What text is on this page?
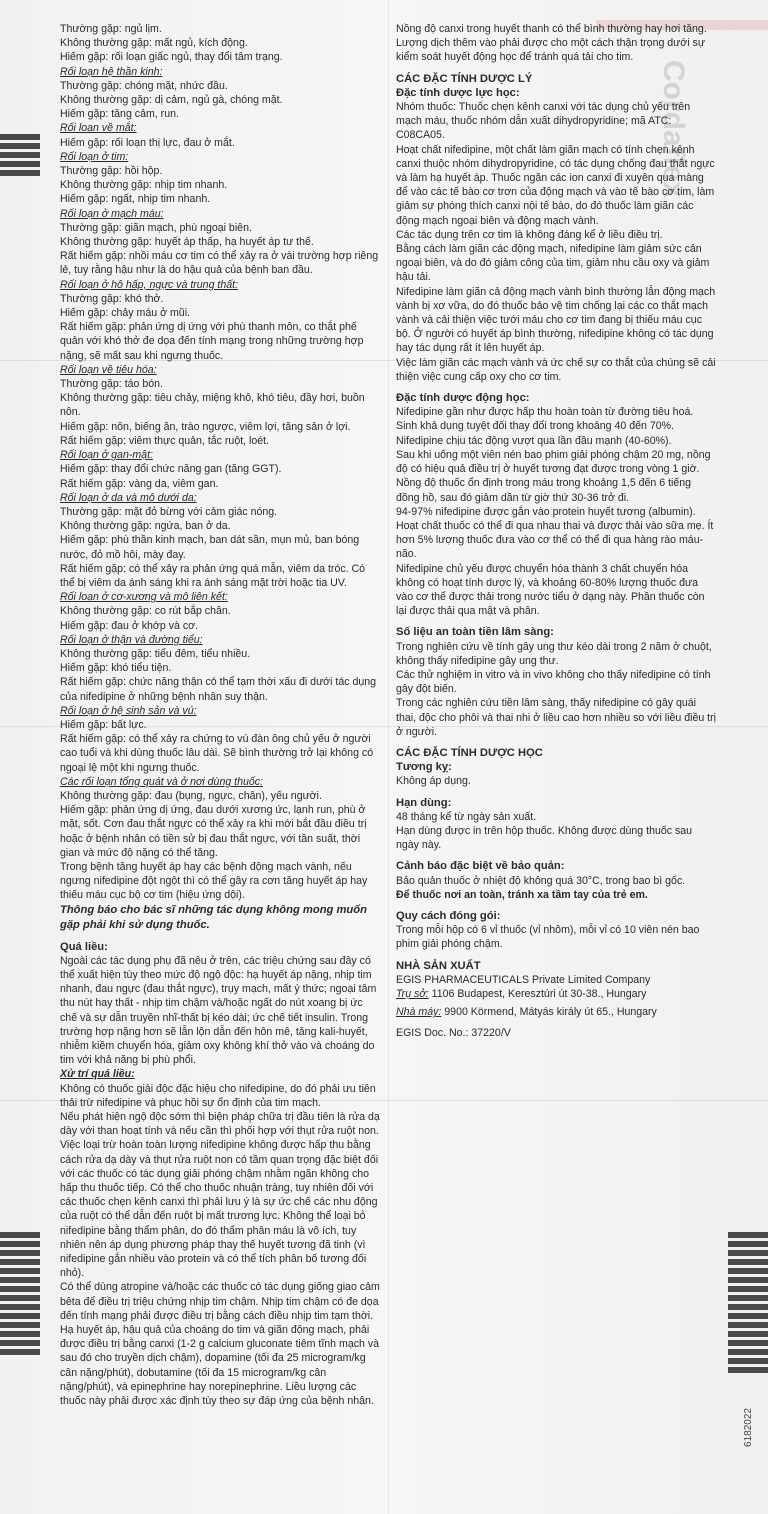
Cordaflex

Thường gặp: ngủ lịm.

Không thường gặp: mất ngủ, kích động.

Hiếm gặp: rối loạn giấc ngủ, thay đổi tâm trạng.

Rối loạn hệ thần kinh:

Thường gặp: chóng mặt, nhức đầu.

Không thường gặp: dị cảm, ngủ gà, chóng mặt.

Hiếm gặp: tăng cảm, run.

Rối loạn về mắt:

Hiếm gặp: rối loạn thị lực, đau ở mắt.

Rối loạn ở tim:

Thường gặp: hồi hộp.

Không thường gặp: nhịp tim nhanh.

Hiếm gặp: ngất, nhịp tim nhanh.

Rối loạn ở mạch máu:

Thường gặp: giãn mạch, phù ngoại biên.

Không thường gặp: huyết áp thấp, hạ huyết áp tư thế.

Rất hiếm gặp: nhồi máu cơ tim có thể xảy ra ở vài trường hợp riêng lẻ, tuy rằng hậu như là do hậu quả của bệnh ban đầu.

Rối loạn ở hô hấp, ngực và trung thất:

Thường gặp: khó thở.

Hiếm gặp: chảy máu ở mũi.

Rất hiếm gặp: phản ứng dị ứng với phù thanh môn, co thắt phế quản với khó thở đe dọa đến tính mạng trong những trường hợp nặng, sẽ mất sau khi ngưng thuốc.

Rối loạn về tiêu hóa:

Thường gặp: táo bón.

Không thường gặp: tiêu chảy, miệng khô, khó tiêu, đầy hơi, buồn nôn.

Hiếm gặp: nôn, biếng ăn, trào ngược, viêm lợi, tăng sản ở lợi.

Rất hiếm gặp: viêm thực quản, tắc ruột, loét.

Rối loạn ở gan-mật:

Hiếm gặp: thay đổi chức năng gan (tăng GGT).

Rất hiếm gặp: vàng da, viêm gan.

Rối loạn ở da và mô dưới da:

Thường gặp: mặt đỏ bừng với cảm giác nóng.

Không thường gặp: ngứa, ban ở da.

Hiếm gặp: phù thần kinh mạch, ban dát sần, mụn mủ, ban bóng nước, đỏ mồ hôi, mày đay.

Rất hiếm gặp: có thể xảy ra phản ứng quá mẫn, viêm da tróc. Có thể bị viêm da ánh sáng khi ra ánh sáng mặt trời hoặc tia UV.

Rối loạn ở cơ-xương và mô liên kết:

Không thường gặp: co rút bắp chân.

Hiếm gặp: đau ở khớp và cơ.

Rối loạn ở thận và đường tiểu:

Không thường gặp: tiểu đêm, tiểu nhiều.

Hiếm gặp: khó tiểu tiện.

Rất hiếm gặp: chức năng thận có thể tạm thời xấu đi dưới tác dụng của nifedipine ở những bệnh nhân suy thận.

Rối loạn ở hệ sinh sản và vú:

Hiếm gặp: bất lực.

Rất hiếm gặp: có thể xảy ra chứng to vú đàn ông chủ yếu ở người cao tuổi và khi dùng thuốc lâu dài. Sẽ bình thường trở lại không có ngoại lệ một khi ngưng thuốc.

Các rối loạn tổng quát và ở nơi dùng thuốc:

Không thường gặp: đau (bụng, ngực, chân), yếu người.

Hiếm gặp: phản ứng dị ứng, đau dưới xương ức, lạnh run, phù ở mặt, sốt. Cơn đau thắt ngực có thể xảy ra khi mới bắt đầu điều trị hoặc ở bệnh nhân có tiền sử bị đau thắt ngực, với tần suất, thời gian và mức độ nặng có thể tăng.

Trong bệnh tăng huyết áp hay các bệnh động mạch vành, nếu ngưng nifedipine đột ngột thì có thể gây ra cơn tăng huyết áp hay thiếu máu cục bộ cơ tim (hiệu ứng dội).

Thông báo cho bác sĩ những tác dụng không mong muốn gặp phải khi sử dụng thuốc.

Quá liều:

Ngoài các tác dụng phụ đã nêu ở trên, các triệu chứng sau đây có thể xuất hiện tùy theo mức độ ngộ độc: hạ huyết áp nặng, nhịp tim nhanh, đau ngực (đau thắt ngực), trụy mạch, mất ý thức; ngoại tâm thu nút hay thất - nhịp tim chậm và/hoặc ngất do nút xoang bị ức chế và sự dẫn truyền nhĩ-thất bị kéo dài; ức chế tiết insulin. Trong trường hợp nặng hơn sẽ lẫn lộn dẫn đến hôn mê, tăng kali-huyết, nhiễm kiềm chuyển hóa, giảm oxy không khí thở vào và choáng do tim với khả năng bị phù phổi.

Xử trí quá liều:

Không có thuốc giải độc đặc hiệu cho nifedipine, do đó phải ưu tiên thải trừ nifedipine và phục hồi sự ổn định của tim mạch.

Nếu phát hiện ngộ độc sớm thì biện pháp chữa trị đầu tiên là rửa dạ dày với than hoạt tính và nếu cần thì phối hợp với thụt rửa ruột non.

Việc loại trừ hoàn toàn lượng nifedipine không được hấp thu bằng cách rửa dạ dày và thụt rửa ruột non có tầm quan trọng đặc biệt đối với các thuốc có tác dụng giải phóng chậm nhằm ngăn không cho hấp thu thuốc tiếp. Có thể cho thuốc nhuận tràng, tuy nhiên đối với các thuốc chẹn kênh canxi thì phải lưu ý là sự ức chế các nhu động của ruột có thể dẫn đến ruột bị mất trương lực. Không thể loại bỏ nifedipine bằng thẩm phân, do đó thẩm phân máu là vô ích, tuy nhiên nên áp dụng phương pháp thay thế huyết tương đã tinh (vì nifedipine gắn nhiều vào protein và có thể tích phân bố tương đối nhỏ).

Có thể dùng atropine và/hoặc các thuốc có tác dụng giống giao cảm bêta để điều trị triệu chứng nhịp tim chậm. Nhịp tim chậm có đe dọa đến tính mạng phải được điều trị bằng cách điều nhịp tim tạm thời.

Hạ huyết áp, hậu quả của choáng do tim và giãn động mạch, phải được điều trị bằng canxi (1-2 g calcium gluconate tiêm tĩnh mạch và sau đó cho truyền dịch chậm), dopamine (tối đa 25 microgram/kg cân nặng/phút), dobutamine (tối đa 15 microgram/kg cân nặng/phút), và epinephrine hay norepinephrine. Liều lượng các thuốc này phải được xác định tùy theo sự đáp ứng của bệnh nhân.

Nồng độ canxi trong huyết thanh có thể bình thường hay hơi tăng.

Lượng dịch thêm vào phải được cho một cách thận trọng dưới sự kiểm soát huyết động học để tránh quá tải cho tim.

CÁC ĐẶC TÍNH DƯỢC LÝ

Đặc tính dược lực học:

Nhóm thuốc: Thuốc chẹn kênh canxi với tác dụng chủ yếu trên mạch máu, thuốc nhóm dẫn xuất dihydropyridine; mã ATC: C08CA05.

Hoạt chất nifedipine, một chất làm giãn mạch có tính chẹn kênh canxi thuộc nhóm dihydropyridine, có tác dụng chống đau thắt ngực và làm hạ huyết áp. Thuốc ngăn các ion canxi đi xuyên qua màng để vào các tế bào cơ trơn của động mạch và vào tế bào cơ tim, làm giảm sự phóng thích canxi nội tế bào, do đó thuốc làm giãn các động mạch ngoại biên và động mạch vành.

Các tác dụng trên cơ tim là không đáng kể ở liều điều trị.

Bằng cách làm giãn các động mạch, nifedipine làm giảm sức cản ngoại biên, và do đó giảm công của tim, giảm nhu cầu oxy và giảm hậu tải.

Nifedipine làm giãn cả động mạch vành bình thường lẫn động mạch vành bị xơ vữa, do đó thuốc bảo vệ tim chống lại các co thắt mạch vành và cải thiện việc tưới máu cho cơ tim đang bị thiếu máu cục bộ. Ở người có huyết áp bình thường, nifedipine không có tác dụng hay tác dụng rất ít lên huyết áp.

Việc làm giãn các mạch vành và ức chế sự co thắt của chúng sẽ cải thiện việc cung cấp oxy cho cơ tim.

Đặc tính dược động học:

Nifedipine gần như được hấp thu hoàn toàn từ đường tiêu hoá. Sinh khả dụng tuyệt đối thay đổi trong khoảng 40 đến 70%. Nifedipine chịu tác động vượt qua lần đầu mạnh (40-60%).

Sau khi uống một viên nén bao phim giải phóng chậm 20 mg, nồng độ có hiệu quả điều trị ở huyết tương đạt được trong vòng 1 giờ. Nồng độ thuốc ổn định trong máu trong khoảng 1,5 đến 6 tiếng đồng hồ, sau đó giảm dần từ giờ thứ 30-36 trở đi.

94-97% nifedipine được gắn vào protein huyết tương (albumin).

Hoạt chất thuốc có thể đi qua nhau thai và được thải vào sữa mẹ. Ít hơn 5% lượng thuốc đưa vào cơ thể có thể đi qua hàng rào máu-não.

Nifedipine chủ yếu được chuyển hóa thành 3 chất chuyển hóa không có hoạt tính dược lý, và khoảng 60-80% lượng thuốc đưa vào cơ thể được thải trong nước tiểu ở dạng này. Phần thuốc còn lại được thải qua mật và phân.

Số liệu an toàn tiền lâm sàng:

Trong nghiên cứu về tính gây ung thư kéo dài trong 2 năm ở chuột, không thấy nifedipine gây ung thư.

Các thử nghiệm in vitro và in vivo không cho thấy nifedipine có tính gây đột biến.

Trong các nghiên cứu tiền lâm sàng, thấy nifedipine có gây quái thai, độc cho phôi và thai nhi ở liều cao hơn nhiều so với liều điều trị ở người.

CÁC ĐẶC TÍNH DƯỢC HỌC

Tương kỵ:

Không áp dụng.

Hạn dùng:

48 tháng kể từ ngày sản xuất.

Hạn dùng được in trên hộp thuốc. Không được dùng thuốc sau ngày này.

Cảnh báo đặc biệt về bảo quản:

Bảo quản thuốc ở nhiệt độ không quá 30°C, trong bao bì gốc.

Để thuốc nơi an toàn, tránh xa tầm tay của trẻ em.

Quy cách đóng gói:

Trong mỗi hộp có 6 vỉ thuốc (vỉ nhôm), mỗi vỉ có 10 viên nén bao phim giải phóng chậm.

NHÀ SẢN XUẤT

EGIS PHARMACEUTICALS Private Limited Company

Trụ sở: 1106 Budapest, Keresztúri út 30-38., Hungary

Nhà máy: 9900 Körmend, Mátyás király út 65., Hungary

EGIS Doc. No.: 37220/V

6182022
